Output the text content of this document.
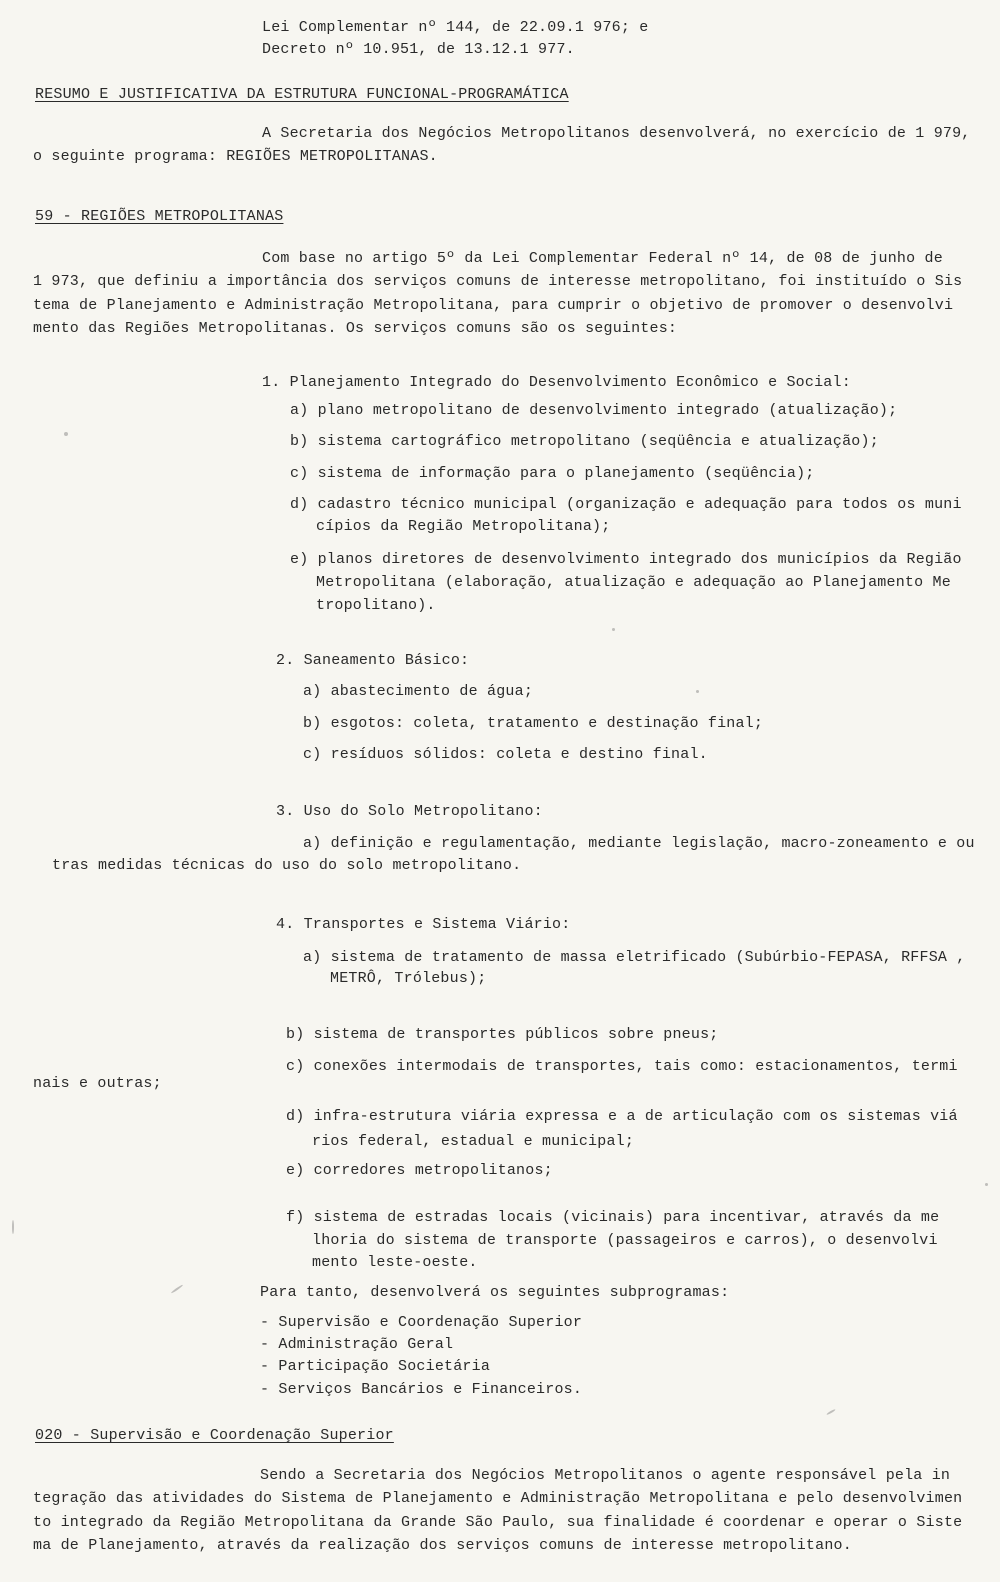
Lei Complementar nº 144, de 22.09.1 976; e
Decreto nº 10.951, de 13.12.1 977.
RESUMO E JUSTIFICATIVA DA ESTRUTURA FUNCIONAL-PROGRAMÁTICA
A Secretaria dos Negócios Metropolitanos desenvolverá, no exercício de 1 979,
o seguinte programa: REGIÕES METROPOLITANAS.
59 - REGIÕES METROPOLITANAS
Com base no artigo 5º da Lei Complementar Federal nº 14, de 08 de junho de
1 973, que definiu a importância dos serviços comuns de interesse metropolitano, foi instituído o Sis
tema de Planejamento e Administração Metropolitana, para cumprir o objetivo de promover o desenvolvi
mento das Regiões Metropolitanas. Os serviços comuns são os seguintes:
1. Planejamento Integrado do Desenvolvimento Econômico e Social:
a) plano metropolitano de desenvolvimento integrado (atualização);
b) sistema cartográfico metropolitano (seqüência e atualização);
c) sistema de informação para o planejamento (seqüência);
d) cadastro técnico municipal (organização e adequação para todos os muni
cípios da Região Metropolitana);
e) planos diretores de desenvolvimento integrado dos municípios da Região
Metropolitana (elaboração, atualização e adequação ao Planejamento Me
tropolitano).
2. Saneamento Básico:
a) abastecimento de água;
b) esgotos: coleta, tratamento e destinação final;
c) resíduos sólidos: coleta e destino final.
3. Uso do Solo Metropolitano:
a) definição e regulamentação, mediante legislação, macro-zoneamento e ou
tras medidas técnicas do uso do solo metropolitano.
4. Transportes e Sistema Viário:
a) sistema de tratamento de massa eletrificado (Subúrbio-FEPASA, RFFSA ,
METRÔ, Trólebus);
b) sistema de transportes públicos sobre pneus;
c) conexões intermodais de transportes, tais como: estacionamentos, termi
nais e outras;
d) infra-estrutura viária expressa e a de articulação com os sistemas viá
rios federal, estadual e municipal;
e) corredores metropolitanos;
f) sistema de estradas locais (vicinais) para incentivar, através da me
lhoria do sistema de transporte (passageiros e carros), o desenvolvi
mento leste-oeste.
Para tanto, desenvolverá os seguintes subprogramas:
- Supervisão e Coordenação Superior
- Administração Geral
- Participação Societária
- Serviços Bancários e Financeiros.
020 - Supervisão e Coordenação Superior
Sendo a Secretaria dos Negócios Metropolitanos o agente responsável pela in
tegração das atividades do Sistema de Planejamento e Administração Metropolitana e pelo desenvolvimen
to integrado da Região Metropolitana da Grande São Paulo, sua finalidade é coordenar e operar o Siste
ma de Planejamento, através da realização dos serviços comuns de interesse metropolitano.
